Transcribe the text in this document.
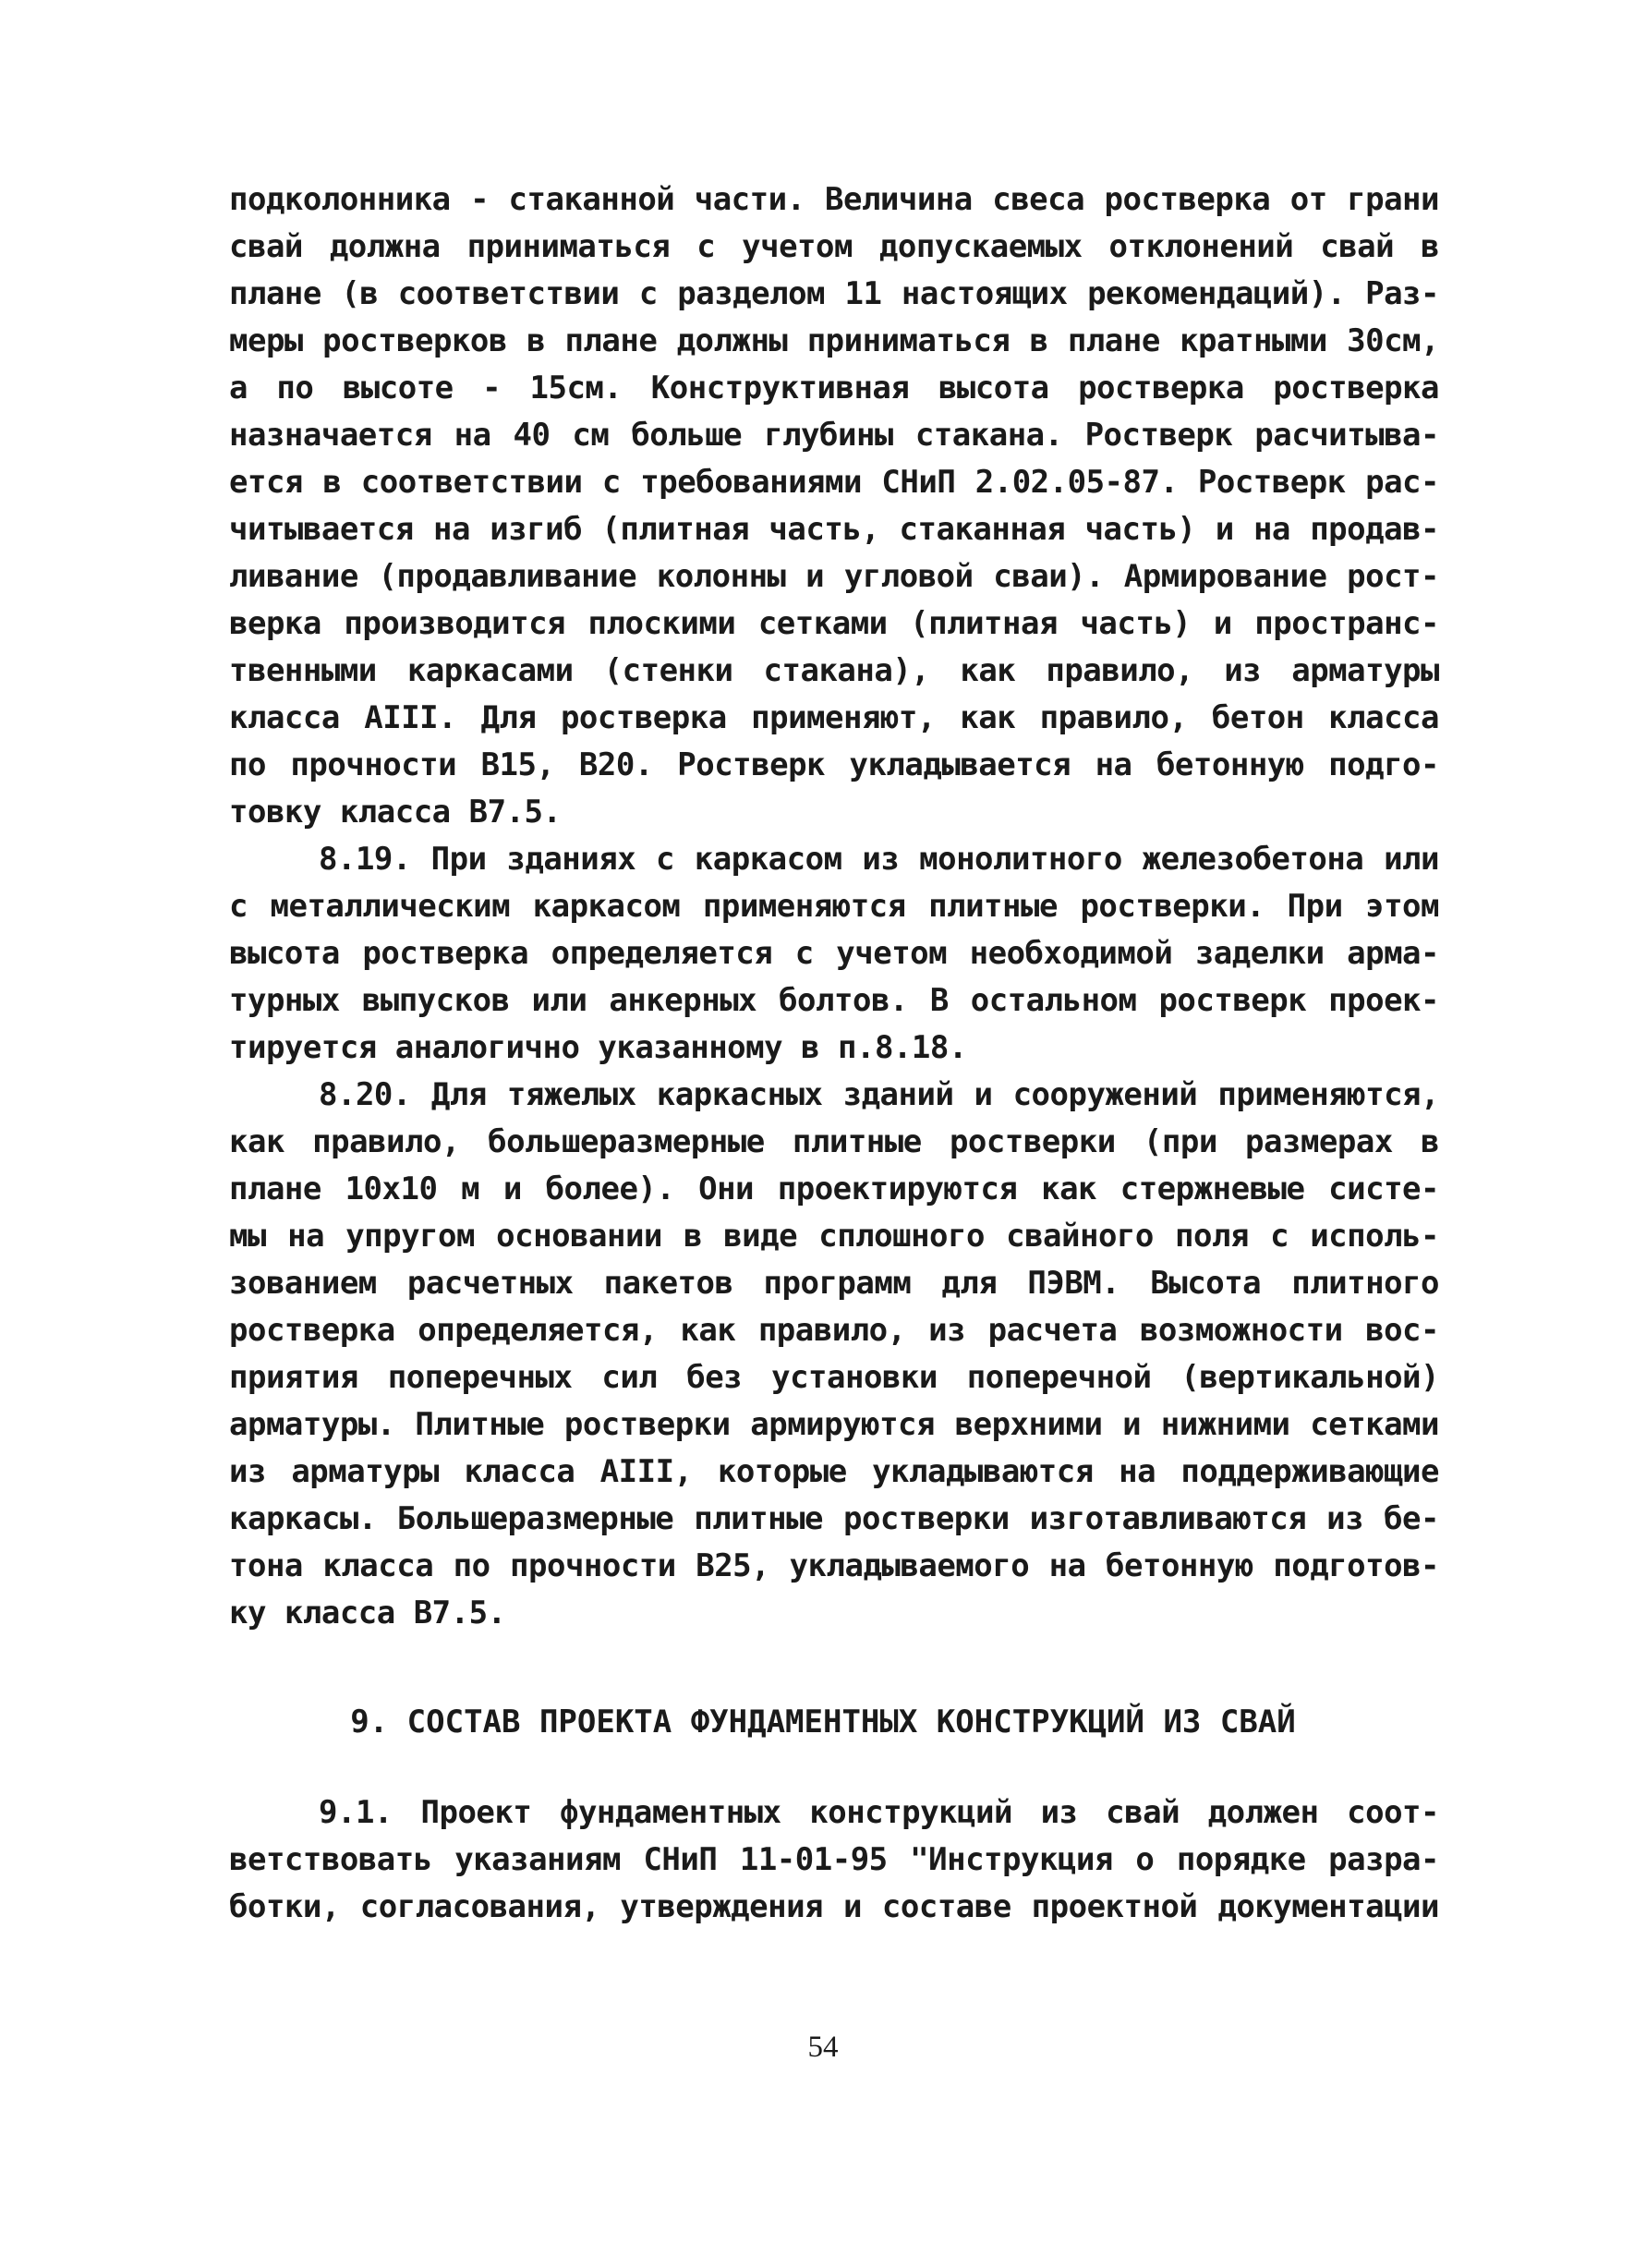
подколонника - стаканной части. Величина свеса ростверка от грани
свай должна приниматься с учетом допускаемых отклонений свай в
плане (в соответствии с разделом 11 настоящих рекомендаций). Раз-
меры ростверков в плане должны приниматься в плане кратными 30см,
а по высоте - 15см. Конструктивная высота ростверка ростверка
назначается на 40 см больше глубины стакана. Ростверк расчитыва-
ется в соответствии с требованиями СНиП 2.02.05-87. Ростверк рас-
читывается на изгиб (плитная часть, стаканная часть) и на продав-
ливание (продавливание колонны и угловой сваи). Армирование рост-
верка производится плоскими сетками (плитная часть) и пространс-
твенными каркасами (стенки стакана), как правило, из арматуры
класса AIII. Для ростверка применяют, как правило, бетон класса
по прочности В15, В20. Ростверк укладывается на бетонную подго-
товку класса В7.5.
8.19. При зданиях с каркасом из монолитного железобетона или
с металлическим каркасом применяются плитные ростверки. При этом
высота ростверка определяется с учетом необходимой заделки арма-
турных выпусков или анкерных болтов. В остальном ростверк проек-
тируется аналогично указанному в п.8.18.
8.20. Для тяжелых каркасных зданий и сооружений применяются,
как правило, большеразмерные плитные ростверки (при размерах в
плане 10х10 м и более). Они проектируются как стержневые систе-
мы на упругом основании в виде сплошного свайного поля с исполь-
зованием расчетных пакетов программ для ПЭВМ. Высота плитного
ростверка определяется, как правило, из расчета возможности вос-
приятия поперечных сил без установки поперечной (вертикальной)
арматуры. Плитные ростверки армируются верхними и нижними сетками
из арматуры класса AIII, которые укладываются на поддерживающие
каркасы. Большеразмерные плитные ростверки изготавливаются из бе-
тона класса по прочности В25, укладываемого на бетонную подготов-
ку класса В7.5.
9. СОСТАВ ПРОЕКТА ФУНДАМЕНТНЫХ КОНСТРУКЦИЙ ИЗ СВАЙ
9.1. Проект фундаментных конструкций из свай должен соот-
ветствовать указаниям СНиП 11-01-95 "Инструкция о порядке разра-
ботки, согласования, утверждения и составе проектной документации
54
